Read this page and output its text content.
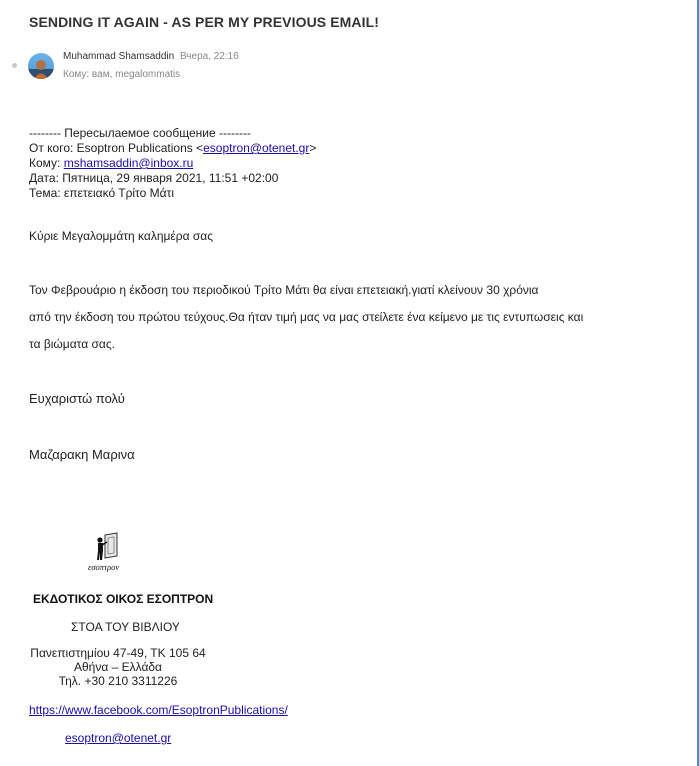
SENDING IT AGAIN - AS PER MY PREVIOUS EMAIL!
Muhammad Shamsaddin Вчера, 22:16
Кому: вам, megalommatis
-------- Пересылаемое сообщение --------
От кого: Esoptron Publications <esoptron@otenet.gr>
Кому: mshamsaddin@inbox.ru
Дата: Пятница, 29 января 2021, 11:51 +02:00
Тема: επετειακό Τρίτο Μάτι
Κύριε Μεγαλομμάτη καλημέρα σας
Τον Φεβρουάριο η έκδοση του περιοδικού Τρίτο Μάτι θα είναι επετειακή.γιατί κλείνουν 30 χρόνια
από την έκδοση του πρώτου τεύχους.Θα ήταν τιμή μας να μας στείλετε ένα κείμενο με τις εντυπωσεις και
τα βιώματα σας.
Ευχαριστώ πολύ
Μαζαρακη Μαρινα
εσοπτρον
ΕΚΔΟΤΙΚΟΣ ΟΙΚΟΣ ΕΣΟΠΤΡΟΝ
ΣΤΟΑ ΤΟΥ ΒΙΒΛΙΟΥ
Πανεπιστημίου 47-49, ΤΚ 105 64
Αθήνα – Ελλάδα
Τηλ. +30 210 3311226
https://www.facebook.com/EsoptronPublications/
esoptron@otenet.gr
